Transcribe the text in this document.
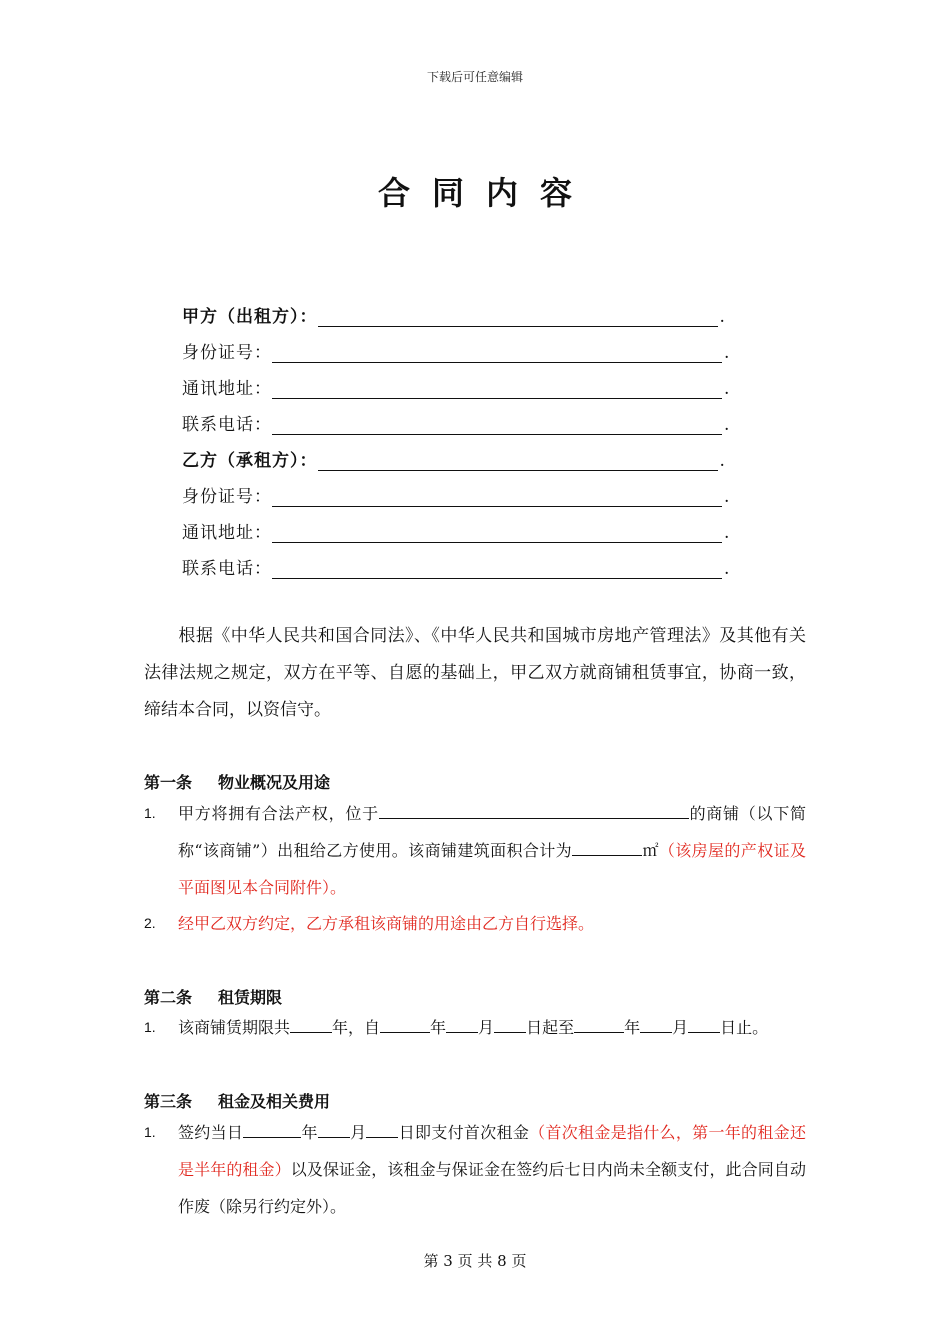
下载后可任意编辑
合同内容
甲方（出租方）：	.
身份证号：	.
通讯地址：	.
联系电话：	.
乙方（承租方）：	.
身份证号：	.
通讯地址：	.
联系电话：	.
根据《中华人民共和国合同法》、《中华人民共和国城市房地产管理法》及其他有关法律法规之规定，双方在平等、自愿的基础上，甲乙双方就商铺租赁事宜，协商一致，缔结本合同，以资信守。
第一条 物业概况及用途
1.	甲方将拥有合法产权，位于	的商铺（以下简称“该商铺”）出租给乙方使用。该商铺建筑面积合计为	㎡（该房屋的产权证及平面图见本合同附件）。
2.	经甲乙双方约定，乙方承租该商铺的用途由乙方自行选择。
第二条 租赁期限
1.	该商铺赁期限共	年，自	年 月 日起至	年 月 日止。
第三条 租金及相关费用
1.	签约当日	年 月 日即支付首次租金（首次租金是指什么，第一年的租金还是半年的租金）以及保证金，该租金与保证金在签约后七日内尚未全额支付，此合同自动作废（除另行约定外）。
第 3 页 共 8 页
